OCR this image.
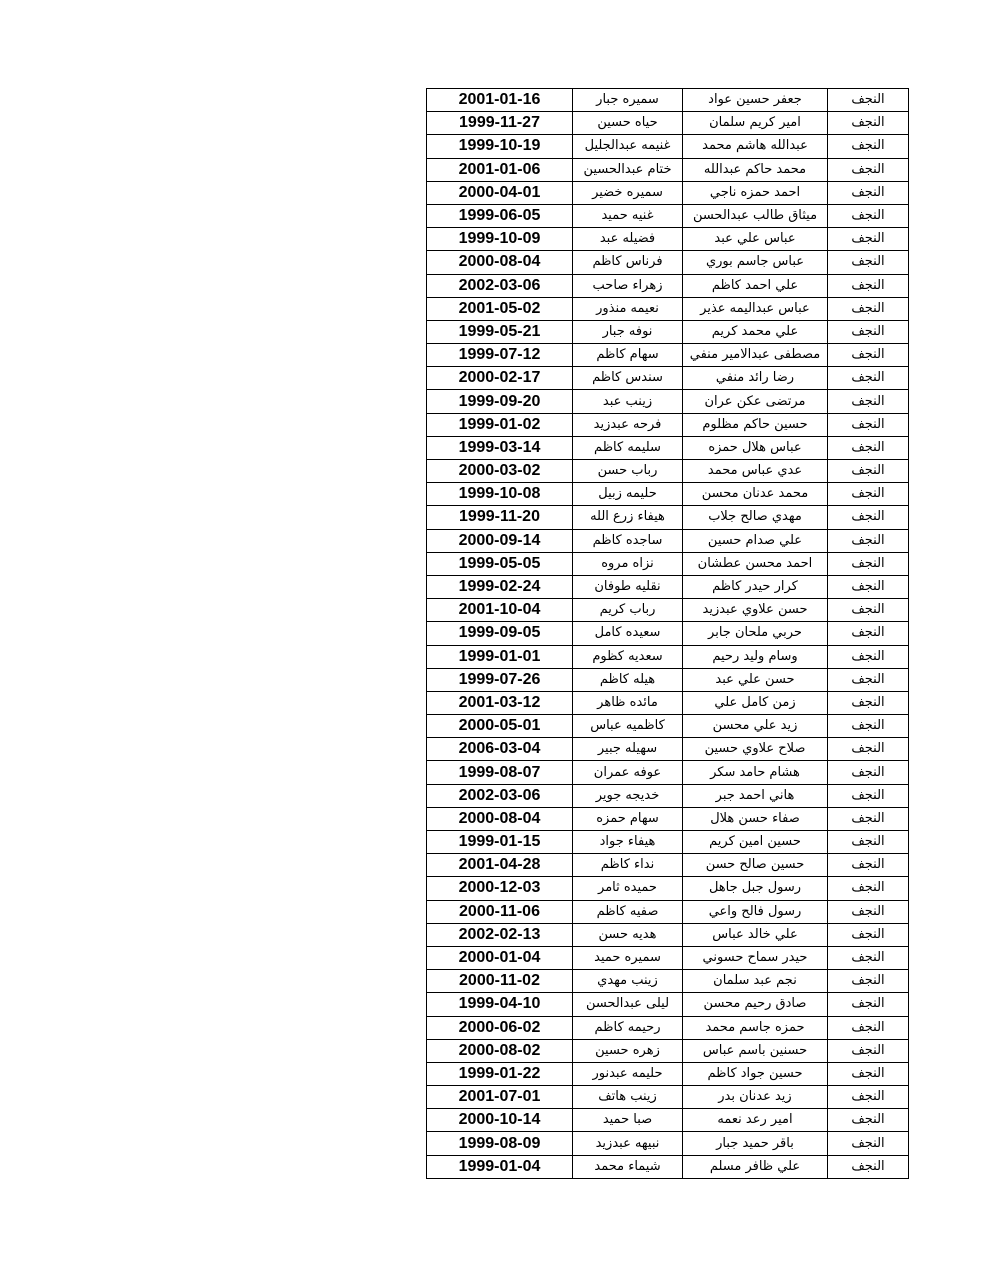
2001-01-16	سميره جبار	جعفر حسين عواد	النجف
1999-11-27	حياه حسين	امير كريم سلمان	النجف
1999-10-19	غنيمه عبدالجليل	عبدالله هاشم محمد	النجف
2001-01-06	ختام عبدالحسين	محمد حاكم عبدالله	النجف
2000-04-01	سميره خضير	احمد حمزه ناجي	النجف
1999-06-05	غنيه حميد	ميثاق طالب عبدالحسن	النجف
1999-10-09	فضيله عبد	عباس علي عبد	النجف
2000-08-04	فرناس كاظم	عباس جاسم بوري	النجف
2002-03-06	زهراء صاحب	علي احمد كاظم	النجف
2001-05-02	نعيمه منذور	عباس عبداليمه عذير	النجف
1999-05-21	نوفه جبار	علي محمد كريم	النجف
1999-07-12	سهام كاظم	مصطفى عبدالامير منفي	النجف
2000-02-17	سندس كاظم	رضا رائد منفي	النجف
1999-09-20	زينب عبد	مرتضى عكن عران	النجف
1999-01-02	فرحه عبدزيد	حسين حاكم مظلوم	النجف
1999-03-14	سليمه كاظم	عباس هلال حمزه	النجف
2000-03-02	رباب حسن	عدي عباس محمد	النجف
1999-10-08	حليمه زبيل	محمد عدنان محسن	النجف
1999-11-20	هيفاء زرع الله	مهدي صالح جلاب	النجف
2000-09-14	ساجده كاظم	علي صدام حسين	النجف
1999-05-05	نزاه مروه	احمد محسن عطشان	النجف
1999-02-24	نقليه طوفان	كرار حيدر كاظم	النجف
2001-10-04	رباب كريم	حسن علاوي عبدزيد	النجف
1999-09-05	سعيده كامل	حربي ملحان جابر	النجف
1999-01-01	سعديه كظوم	وسام وليد رحيم	النجف
1999-07-26	هيله كاظم	حسن علي عبد	النجف
2001-03-12	مائده ظاهر	زمن كامل علي	النجف
2000-05-01	كاظميه عباس	زيد علي محسن	النجف
2006-03-04	سهيله جبير	صلاح علاوي حسين	النجف
1999-08-07	عوفه عمران	هشام حامد سكر	النجف
2002-03-06	خديجه جوير	هاني احمد جبر	النجف
2000-08-04	سهام حمزه	صفاء حسن هلال	النجف
1999-01-15	هيفاء جواد	حسين امين كريم	النجف
2001-04-28	نداء كاظم	حسين صالح حسن	النجف
2000-12-03	حميده ثامر	رسول جبل جاهل	النجف
2000-11-06	صفيه كاظم	رسول فالح واعي	النجف
2002-02-13	هديه حسن	علي خالد عباس	النجف
2000-01-04	سميره حميد	حيدر سماح حسوني	النجف
2000-11-02	زينب مهدي	نجم عبد سلمان	النجف
1999-04-10	ليلى عبدالحسن	صادق رحيم محسن	النجف
2000-06-02	رحيمه كاظم	حمزه جاسم محمد	النجف
2000-08-02	زهره حسين	حسنين باسم عباس	النجف
1999-01-22	حليمه عبدنور	حسين جواد كاظم	النجف
2001-07-01	زينب هاتف	زيد عدنان بدر	النجف
2000-10-14	صبا حميد	امير رعد نعمه	النجف
1999-08-09	نبيهه عبدزيد	باقر حميد جبار	النجف
1999-01-04	شيماء محمد	علي ظافر مسلم	النجف
